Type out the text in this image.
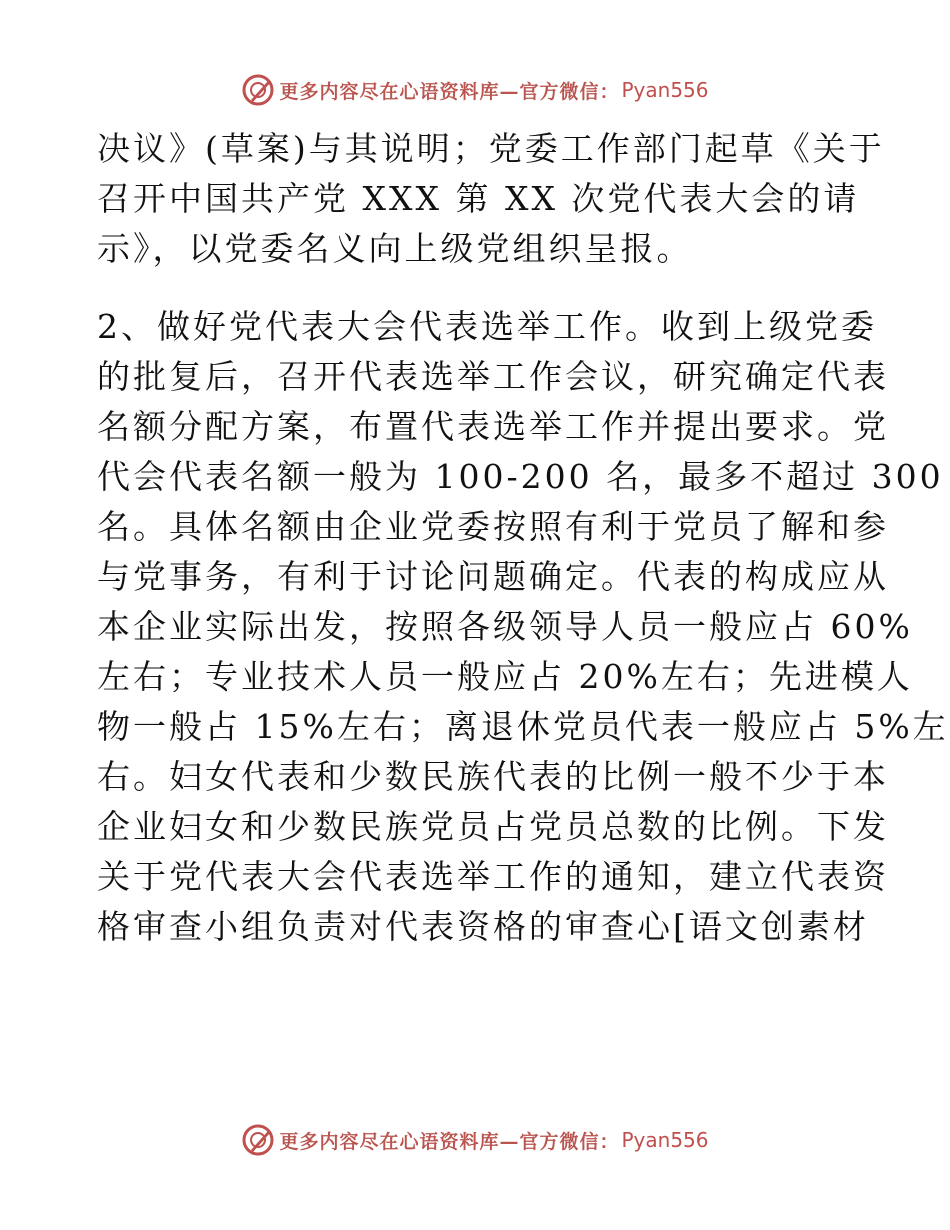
更多内容尽在心语资料库—官方微信： Pyan556

决议》(草案)与其说明；党委工作部门起草《关于

召开中国共产党 XXX 第 XX 次党代表大会的请

示》，以党委名义向上级党组织呈报。

2、做好党代表大会代表选举工作。收到上级党委

的批复后，召开代表选举工作会议，研究确定代表

名额分配方案，布置代表选举工作并提出要求。党

代会代表名额一般为 100-200 名，最多不超过 300

名。具体名额由企业党委按照有利于党员了解和参

与党事务，有利于讨论问题确定。代表的构成应从

本企业实际出发，按照各级领导人员一般应占 60%

左右；专业技术人员一般应占 20%左右；先进模人

物一般占 15%左右；离退休党员代表一般应占 5%左

右。妇女代表和少数民族代表的比例一般不少于本

企业妇女和少数民族党员占党员总数的比例。下发

关于党代表大会代表选举工作的通知，建立代表资

格审查小组负责对代表资格的审查心[语文创素材

更多内容尽在心语资料库—官方微信： Pyan556
